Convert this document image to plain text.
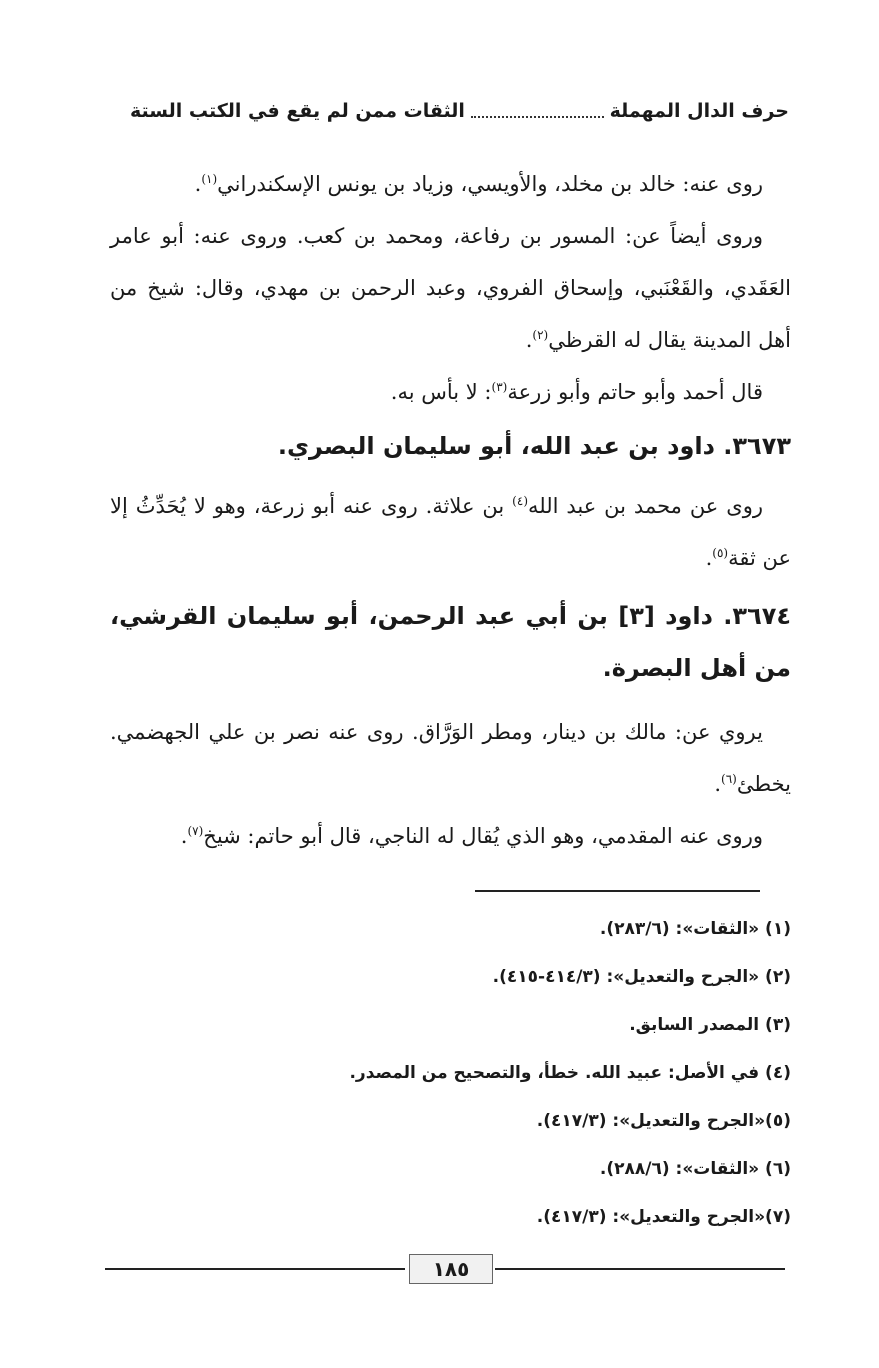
الثقات ممن لم يقع في الكتب الستة	حرف الدال المهملة

روى عنه: خالد بن مخلد، والأويسي، وزياد بن يونس الإسكندراني$^{(١)}$.

وروى أيضاً عن: المسور بن رفاعة، ومحمد بن كعب. وروى عنه: أبو عامر العَقَدي، والقَعْنَبي، وإسحاق الفروي، وعبد الرحمن بن مهدي، وقال: شيخ من أهل المدينة يقال له القرظي$^{(٢)}$.

قال أحمد وأبو حاتم وأبو زرعة$^{(٣)}$: لا بأس به.

٣٦٧٣. داود بن عبد الله، أبو سليمان البصري.

روى عن محمد بن عبد الله$^{(٤)}$ بن علاثة. روى عنه أبو زرعة، وهو لا يُحَدِّثُ إلا عن ثقة$^{(٥)}$.

٣٦٧٤. داود [٣] بن أبي عبد الرحمن، أبو سليمان القرشي، من أهل البصرة.

يروي عن: مالك بن دينار، ومطر الوَرَّاق. روى عنه نصر بن علي الجهضمي. يخطئ$^{(٦)}$.

وروى عنه المقدمي، وهو الذي يُقال له الناجي، قال أبو حاتم: شيخ$^{(٧)}$.

(١) «الثقات»: (٢٨٣/٦).
(٢) «الجرح والتعديل»: (٤١٤/٣-٤١٥).
(٣) المصدر السابق.
(٤) في الأصل: عبيد الله. خطأ، والتصحيح من المصدر.
(٥)«الجرح والتعديل»: (٤١٧/٣).
(٦) «الثقات»: (٢٨٨/٦).
(٧)«الجرح والتعديل»: (٤١٧/٣).
١٨٥
